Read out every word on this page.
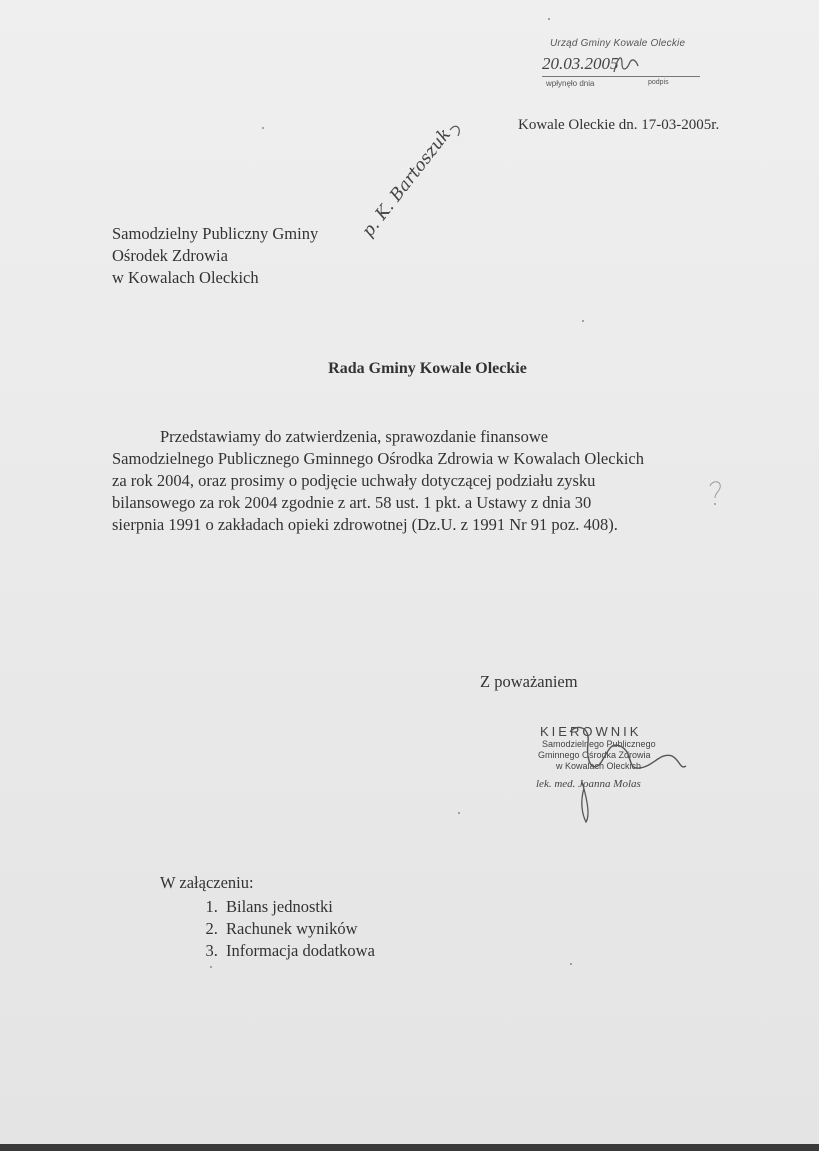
Urząd Gminy Kowale Oleckie
20.03.2005
wpłynęło dnia	podpis
Kowale Oleckie dn. 17-03-2005r.
p. K. Bartoszuk
Samodzielny Publiczny Gminy
Ośrodek Zdrowia
w Kowalach Oleckich
Rada Gminy Kowale Oleckie
Przedstawiamy do zatwierdzenia, sprawozdanie finansowe
Samodzielnego Publicznego Gminnego Ośrodka Zdrowia w Kowalach Oleckich
za rok 2004, oraz prosimy o podjęcie uchwały dotyczącej podziału zysku
bilansowego za rok 2004 zgodnie z art. 58 ust. 1 pkt. a Ustawy z dnia 30
sierpnia 1991 o zakładach opieki zdrowotnej (Dz.U. z 1991 Nr 91 poz. 408).
Z poważaniem
KIEROWNIK
Samodzielnego Publicznego
Gminnego Ośrodka Zdrowia
w Kowalach Oleckich
lek. med. Joanna Molas
W załączeniu:
1. Bilans jednostki
2. Rachunek wyników
3. Informacja dodatkowa
